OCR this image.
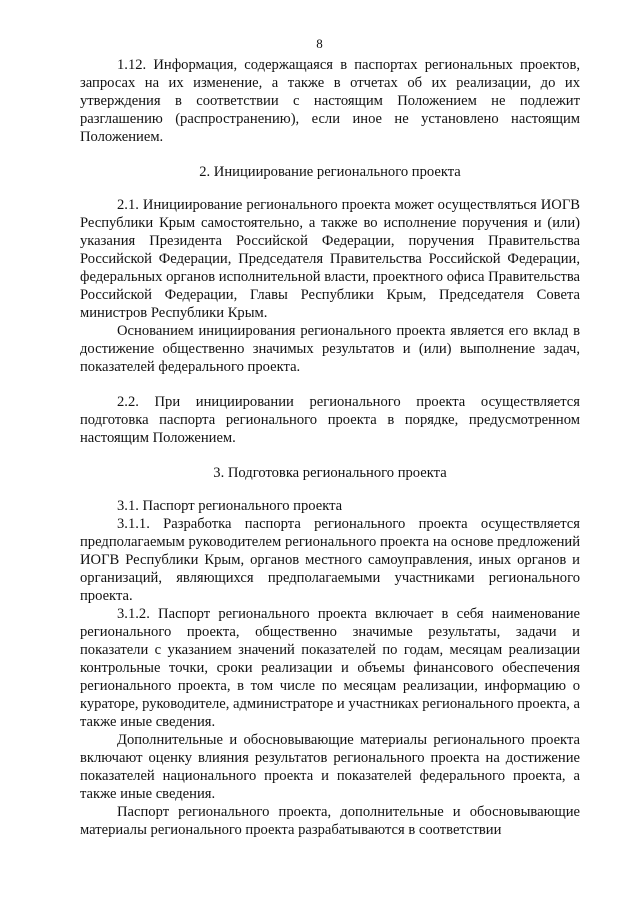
8

1.12. Информация, содержащаяся в паспортах региональных проектов, запросах на их изменение, а также в отчетах об их реализации, до их утверждения в соответствии с настоящим Положением не подлежит разглашению (распространению), если иное не установлено настоящим Положением.

2. Инициирование регионального проекта

2.1. Инициирование регионального проекта может осуществляться ИОГВ Республики Крым самостоятельно, а также во исполнение поручения и (или) указания Президента Российской Федерации, поручения Правительства Российской Федерации, Председателя Правительства Российской Федерации, федеральных органов исполнительной власти, проектного офиса Правительства Российской Федерации, Главы Республики Крым, Председателя Совета министров Республики Крым.

Основанием инициирования регионального проекта является его вклад в достижение общественно значимых результатов и (или) выполнение задач, показателей федерального проекта.

2.2. При инициировании регионального проекта осуществляется подготовка паспорта регионального проекта в порядке, предусмотренном настоящим Положением.

3. Подготовка регионального проекта

3.1. Паспорт регионального проекта

3.1.1. Разработка паспорта регионального проекта осуществляется предполагаемым руководителем регионального проекта на основе предложений ИОГВ Республики Крым, органов местного самоуправления, иных органов и организаций, являющихся предполагаемыми участниками регионального проекта.

3.1.2. Паспорт регионального проекта включает в себя наименование регионального проекта, общественно значимые результаты, задачи и показатели с указанием значений показателей по годам, месяцам реализации контрольные точки, сроки реализации и объемы финансового обеспечения регионального проекта, в том числе по месяцам реализации, информацию о кураторе, руководителе, администраторе и участниках регионального проекта, а также иные сведения.

Дополнительные и обосновывающие материалы регионального проекта включают оценку влияния результатов регионального проекта на достижение показателей национального проекта и показателей федерального проекта, а также иные сведения.

Паспорт регионального проекта, дополнительные и обосновывающие материалы регионального проекта разрабатываются в соответствии
